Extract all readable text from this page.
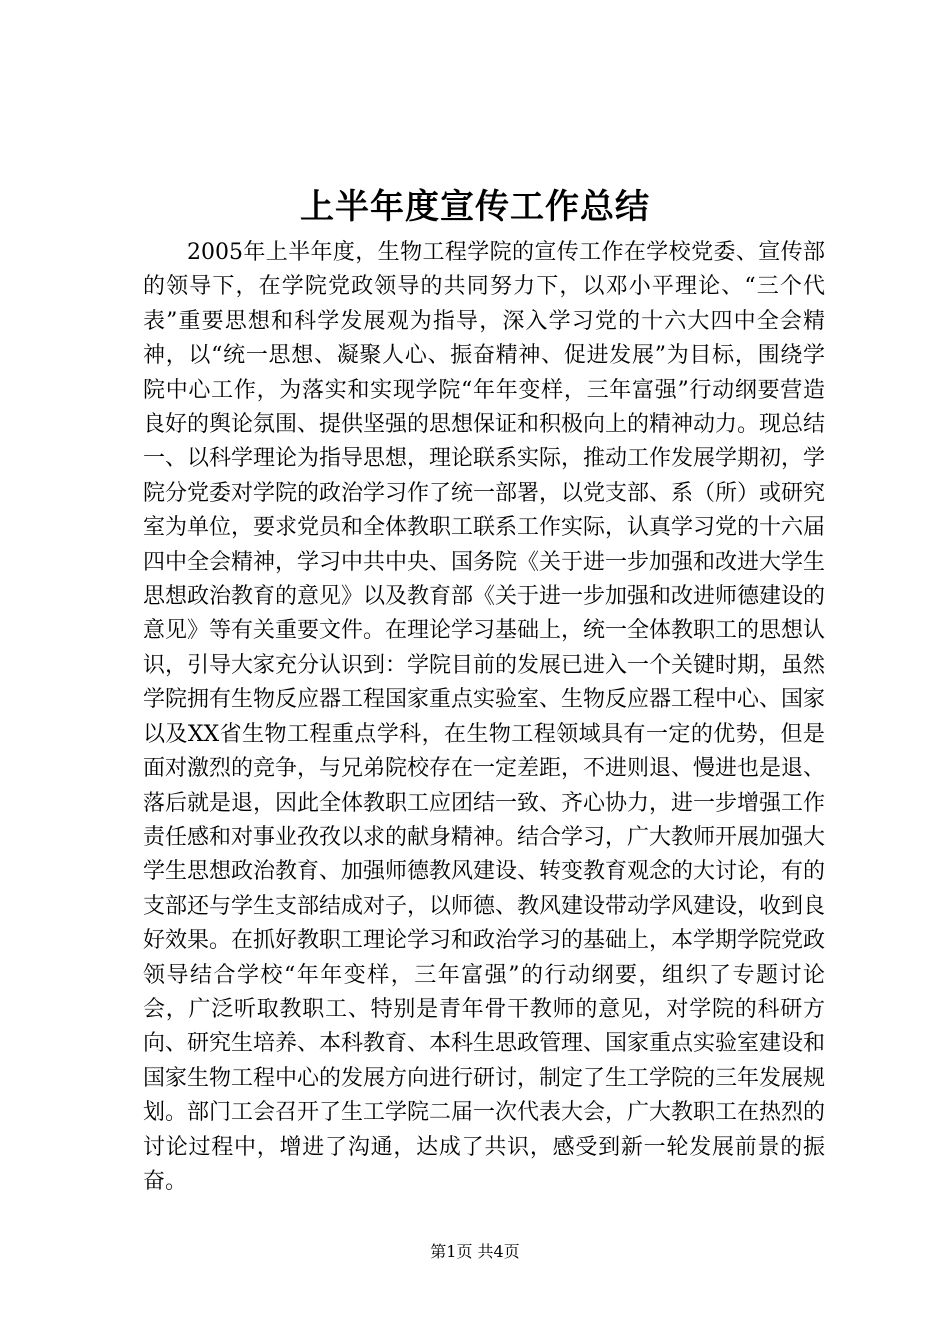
上半年度宣传工作总结

2005年上半年度，生物工程学院的宣传工作在学校党委、宣传部的领导下，在学院党政领导的共同努力下，以邓小平理论、“三个代表”重要思想和科学发展观为指导，深入学习党的十六大四中全会精神，以“统一思想、凝聚人心、振奋精神、促进发展”为目标，围绕学院中心工作，为落实和实现学院“年年变样，三年富强”行动纲要营造良好的舆论氛围、提供坚强的思想保证和积极向上的精神动力。现总结一、以科学理论为指导思想，理论联系实际，推动工作发展学期初，学院分党委对学院的政治学习作了统一部署，以党支部、系（所）或研究室为单位，要求党员和全体教职工联系工作实际，认真学习党的十六届四中全会精神，学习中共中央、国务院《关于进一步加强和改进大学生思想政治教育的意见》以及教育部《关于进一步加强和改进师德建设的意见》等有关重要文件。在理论学习基础上，统一全体教职工的思想认识，引导大家充分认识到：学院目前的发展已进入一个关键时期，虽然学院拥有生物反应器工程国家重点实验室、生物反应器工程中心、国家以及XX省生物工程重点学科，在生物工程领域具有一定的优势，但是面对激烈的竞争，与兄弟院校存在一定差距，不进则退、慢进也是退、落后就是退，因此全体教职工应团结一致、齐心协力，进一步增强工作责任感和对事业孜孜以求的献身精神。结合学习，广大教师开展加强大学生思想政治教育、加强师德教风建设、转变教育观念的大讨论，有的支部还与学生支部结成对子，以师德、教风建设带动学风建设，收到良好效果。在抓好教职工理论学习和政治学习的基础上，本学期学院党政领导结合学校“年年变样，三年富强”的行动纲要，组织了专题讨论会，广泛听取教职工、特别是青年骨干教师的意见，对学院的科研方向、研究生培养、本科教育、本科生思政管理、国家重点实验室建设和国家生物工程中心的发展方向进行研讨，制定了生工学院的三年发展规划。部门工会召开了生工学院二届一次代表大会，广大教职工在热烈的讨论过程中，增进了沟通，达成了共识，感受到新一轮发展前景的振奋。

第1页 共4页
